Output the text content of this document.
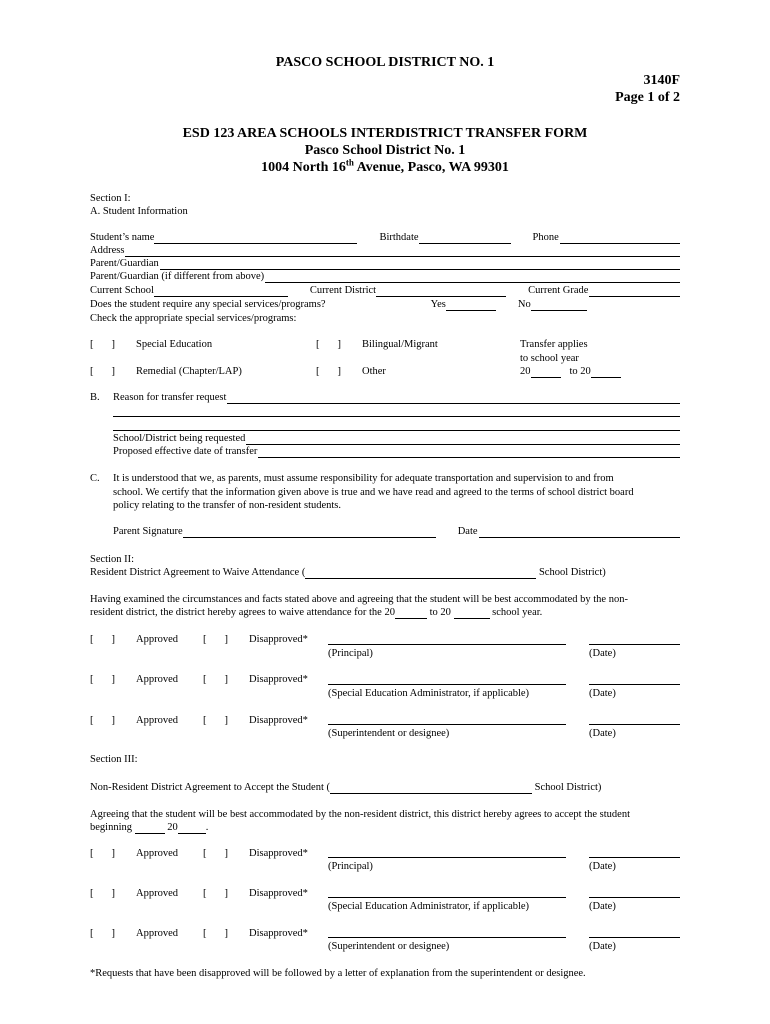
PASCO SCHOOL DISTRICT NO. 1
3140F
Page 1 of 2
ESD 123 AREA SCHOOLS INTERDISTRICT TRANSFER FORM
Pasco School District No. 1
1004 North 16th Avenue, Pasco, WA 99301
Section I:
A. Student Information
Student’s name	Birthdate	Phone
Address
Parent/Guardian
Parent/Guardian (if different from above)
Current School	Current District	Current Grade
Does the student require any special services/programs?	Yes	No
Check the appropriate special services/programs:
[ ] Special Education	[ ] Bilingual/Migrant	Transfer applies
to school year
[ ] Remedial (Chapter/LAP)	[ ] Other	20	to 20
B. Reason for transfer request
School/District being requested
Proposed effective date of transfer
C. It is understood that we, as parents, must assume responsibility for adequate transportation and supervision to and from
school. We certify that the information given above is true and we have read and agreed to the terms of school district board
policy relating to the transfer of non-resident students.
Parent Signature	Date
Section II:
Resident District Agreement to Waive Attendance (	School District)
Having examined the circumstances and facts stated above and agreeing that the student will be best accommodated by the non-
resident district, the district hereby agrees to waive attendance for the 20	to 20	school year.
[ ] Approved [ ] Disapproved*
(Principal)	(Date)
[ ] Approved [ ] Disapproved*
(Special Education Administrator, if applicable)	(Date)
[ ] Approved [ ] Disapproved*
(Superintendent or designee)	(Date)
Section III:
Non-Resident District Agreement to Accept the Student (	School District)
Agreeing that the student will be best accommodated by the non-resident district, this district hereby agrees to accept the student
beginning	20	.
[ ] Approved [ ] Disapproved*
(Principal)	(Date)
[ ] Approved [ ] Disapproved*
(Special Education Administrator, if applicable)	(Date)
[ ] Approved [ ] Disapproved*
(Superintendent or designee)	(Date)
*Requests that have been disapproved will be followed by a letter of explanation from the superintendent or designee.
